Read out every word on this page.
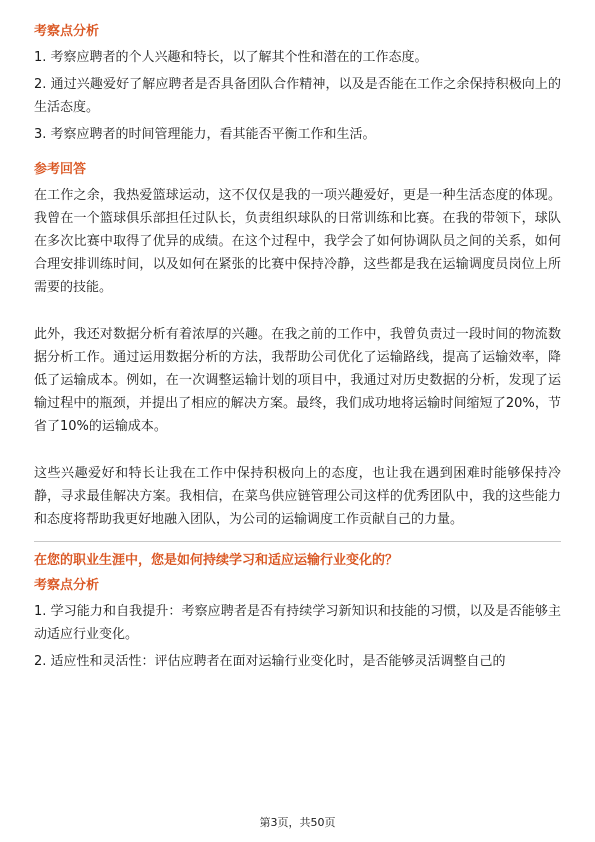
考察点分析

1. 考察应聘者的个人兴趣和特长，以了解其个性和潜在的工作态度。

2. 通过兴趣爱好了解应聘者是否具备团队合作精神，以及是否能在工作之余保持积极向上的生活态度。

3. 考察应聘者的时间管理能力，看其能否平衡工作和生活。

参考回答

在工作之余，我热爱篮球运动，这不仅仅是我的一项兴趣爱好，更是一种生活态度的体现。我曾在一个篮球俱乐部担任过队长，负责组织球队的日常训练和比赛。在我的带领下，球队在多次比赛中取得了优异的成绩。在这个过程中，我学会了如何协调队员之间的关系，如何合理安排训练时间，以及如何在紧张的比赛中保持冷静，这些都是我在运输调度员岗位上所需要的技能。

此外，我还对数据分析有着浓厚的兴趣。在我之前的工作中，我曾负责过一段时间的物流数据分析工作。通过运用数据分析的方法，我帮助公司优化了运输路线，提高了运输效率，降低了运输成本。例如，在一次调整运输计划的项目中，我通过对历史数据的分析，发现了运输过程中的瓶颈，并提出了相应的解决方案。最终，我们成功地将运输时间缩短了20%，节省了10%的运输成本。

这些兴趣爱好和特长让我在工作中保持积极向上的态度，也让我在遇到困难时能够保持冷静，寻求最佳解决方案。我相信，在菜鸟供应链管理公司这样的优秀团队中，我的这些能力和态度将帮助我更好地融入团队，为公司的运输调度工作贡献自己的力量。

在您的职业生涯中，您是如何持续学习和适应运输行业变化的？
考察点分析

1. 学习能力和自我提升：考察应聘者是否有持续学习新知识和技能的习惯，以及是否能够主动适应行业变化。

2. 适应性和灵活性：评估应聘者在面对运输行业变化时，是否能够灵活调整自己的

第3页，共50页
